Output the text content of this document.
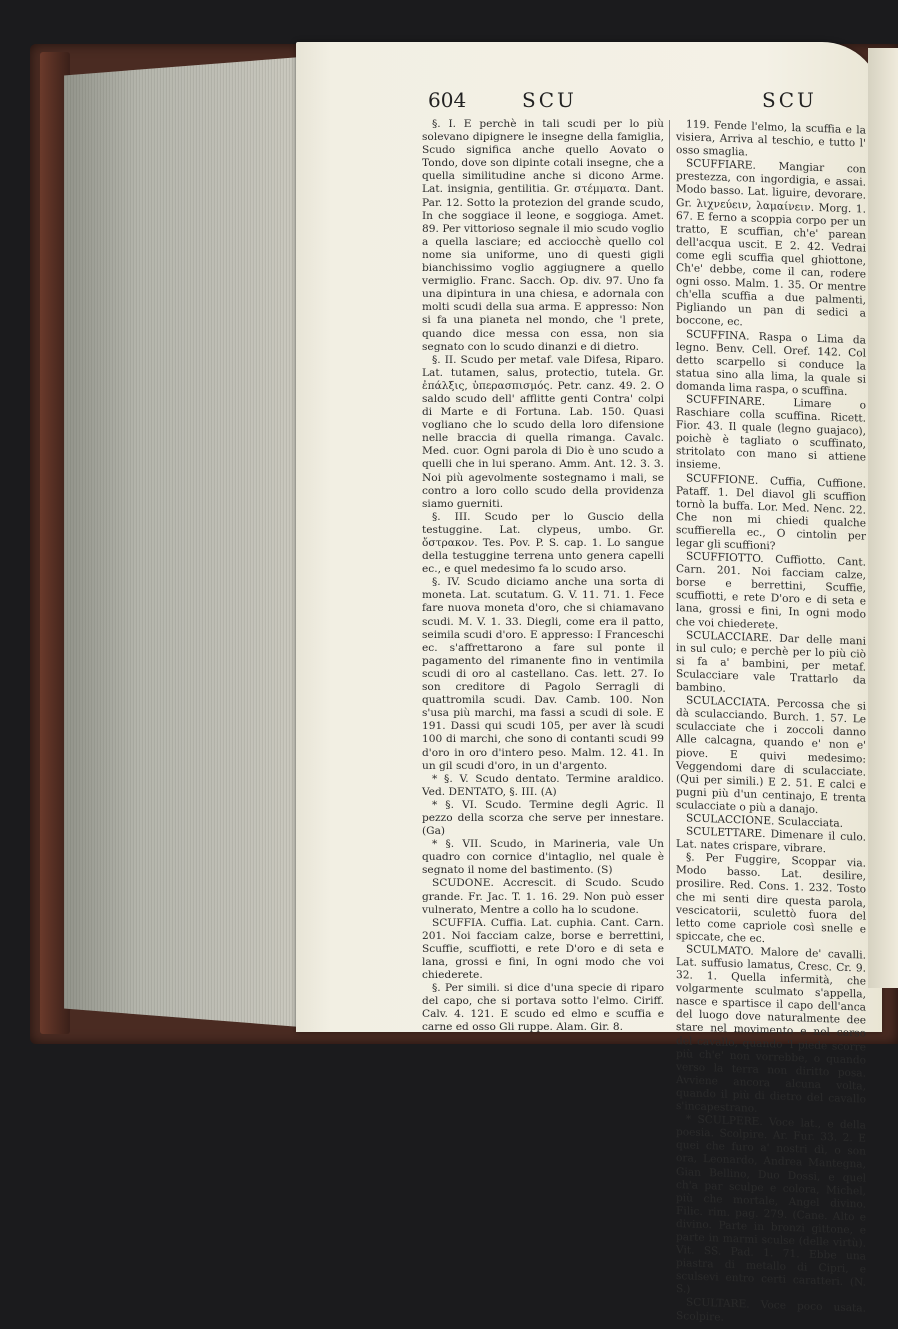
604	SCU	SCU

§. I. E perchè in tali scudi per lo più solevano dipignere le insegne della famiglia, Scudo significa anche quello Aovato o Tondo, dove son dipinte cotali insegne, che a quella similitudine anche si dicono Arme. Lat. insignia, gentilitia. Gr. στέμματα. Dant. Par. 12. Sotto la protezion del grande scudo, In che soggiace il leone, e soggioga. Amet. 89. Per vittorioso segnale il mio scudo voglio a quella lasciare; ed acciocchè quello col nome sia uniforme, uno di questi gigli bianchissimo voglio aggiugnere a quello vermiglio. Franc. Sacch. Op. div. 97. Uno fa una dipintura in una chiesa, e adornala con molti scudi della sua arma. E appresso: Non si fa una pianeta nel mondo, che 'l prete, quando dice messa con essa, non sia segnato con lo scudo dinanzi e di dietro.

§. II. Scudo per metaf. vale Difesa, Riparo. Lat. tutamen, salus, protectio, tutela. Gr. ἐπάλξις, ὑπερασπισμός. Petr. canz. 49. 2. O saldo scudo dell' afflitte genti Contra' colpi di Marte e di Fortuna. Lab. 150. Quasi vogliano che lo scudo della loro difensione nelle braccia di quella rimanga. Cavalc. Med. cuor. Ogni parola di Dio è uno scudo a quelli che in lui sperano. Amm. Ant. 12. 3. 3. Noi più agevolmente sostegnamo i mali, se contro a loro collo scudo della providenza siamo guerniti.

§. III. Scudo per lo Guscio della testuggine. Lat. clypeus, umbo. Gr. ὄστρακον. Tes. Pov. P. S. cap. 1. Lo sangue della testuggine terrena unto genera capelli ec., e quel medesimo fa lo scudo arso.

§. IV. Scudo diciamo anche una sorta di moneta. Lat. scutatum. G. V. 11. 71. 1. Fece fare nuova moneta d'oro, che si chiamavano scudi. M. V. 1. 33. Diegli, come era il patto, seimila scudi d'oro. E appresso: I Franceschi ec. s'affrettarono a fare sul ponte il pagamento del rimanente fino in ventimila scudi di oro al castellano. Cas. lett. 27. Io son creditore di Pagolo Serragli di quattromila scudi. Dav. Camb. 100. Non s'usa più marchi, ma fassi a scudi di sole. E 191. Dassi qui scudi 105, per aver là scudi 100 di marchi, che sono di contanti scudi 99 d'oro in oro d'intero peso. Malm. 12. 41. In un gil scudi d'oro, in un d'argento.

* §. V. Scudo dentato. Termine araldico. Ved. DENTATO, §. III. (A)

* §. VI. Scudo. Termine degli Agric. Il pezzo della scorza che serve per innestare. (Ga)

* §. VII. Scudo, in Marineria, vale Un quadro con cornice d'intaglio, nel quale è segnato il nome del bastimento. (S)

SCUDONE. Accrescit. di Scudo. Scudo grande. Fr. Jac. T. 1. 16. 29. Non può esser vulnerato, Mentre a collo ha lo scudone.

SCUFFIA. Cuffia. Lat. cuphia. Cant. Carn. 201. Noi facciam calze, borse e berrettini, Scuffie, scuffiotti, e rete D'oro e di seta e lana, grossi e fini, In ogni modo che voi chiederete.

§. Per simili. si dice d'una specie di riparo del capo, che si portava sotto l'elmo. Ciriff. Calv. 4. 121. E scudo ed elmo e scuffia e carne ed osso Gli ruppe. Alam. Gir. 8.

119. Fende l'elmo, la scuffia e la visiera, Arriva al teschio, e tutto l' osso smaglia.

SCUFFIARE. Mangiar con prestezza, con ingordigia, e assai. Modo basso. Lat. liguire, devorare. Gr. λιχνεύειν, λαμαίνειν. Morg. 1. 67. E ferno a scoppia corpo per un tratto, E scuffian, ch'e' parean dell'acqua uscit. E 2. 42. Vedrai come egli scuffia quel ghiottone, Ch'e' debbe, come il can, rodere ogni osso. Malm. 1. 35. Or mentre ch'ella scuffia a due palmenti, Pigliando un pan di sedici a boccone, ec.

SCUFFINA. Raspa o Lima da legno. Benv. Cell. Oref. 142. Col detto scarpello si conduce la statua sino alla lima, la quale si domanda lima raspa, o scuffina.

SCUFFINARE. Limare o Raschiare colla scuffina. Ricett. Fior. 43. Il quale (legno guajaco), poichè è tagliato o scuffinato, stritolato con mano si attiene insieme.

SCUFFIONE. Cuffia, Cuffione. Pataff. 1. Del diavol gli scuffion tornò la buffa. Lor. Med. Nenc. 22. Che non mi chiedi qualche scuffierella ec., O cintolin per legar gli scuffioni?

SCUFFIOTTO. Cuffiotto. Cant. Carn. 201. Noi facciam calze, borse e berrettini, Scuffie, scuffiotti, e rete D'oro e di seta e lana, grossi e fini, In ogni modo che voi chiederete.

SCULACCIARE. Dar delle mani in sul culo; e perchè per lo più ciò si fa a' bambini, per metaf. Sculacciare vale Trattarlo da bambino.

SCULACCIATA. Percossa che si dà sculacciando. Burch. 1. 57. Le sculacciate che i zoccoli danno Alle calcagna, quando e' non e' piove. E quivi medesimo: Veggendomi dare di sculacciate. (Qui per simili.) E 2. 51. E calci e pugni più d'un centinajo, E trenta sculacciate o più a danajo.

SCULACCIONE. Sculacciata.

SCULETTARE. Dimenare il culo. Lat. nates crispare, vibrare.

§. Per Fuggire, Scoppar via. Modo basso. Lat. desilire, prosilire. Red. Cons. 1. 232. Tosto che mi senti dire questa parola, vescicatorii, sculettò fuora del letto come capriole così snelle e spiccate, che ec.

SCULMATO. Malore de' cavalli. Lat. suffusio lamatus, Cresc. Cr. 9. 32. 1. Quella infermità, che volgarmente sculmato s'appella, nasce e spartisce il capo dell'anca del luogo dove naturalmente dee stare nel movimento e nel corso del cavallo, quando 'l piede scorre più ch'e' non vorrebbe, o quando verso la terra non diritto posa. Avviene ancora alcuna volta, quando il più di dietro del cavallo s'incapestrano.

* SCULPERE. Voce lat., e della poesia. Scolpire. Ar. Fur. 33. 2. E quei che furo a' nostri dì, o son ora, Leonardo, Andrea Mantegna, Gian Bellino, Duo Dossi, e quel ch'a par sculpe e colora, Michel, più che mortale, Angel divino. Filic. rim. pag. 279. (Cane. Alto e divino. Parte in bronzi gittone, e parte in marmi sculse (delle virtù). Vit. SS. Pad. 1. 71. Ebbe una piastra di metallo di Cipri, e sculsevi entro certi caratteri. (N. S.)

SCULTARE. Voce poco usata. Scolpire.
